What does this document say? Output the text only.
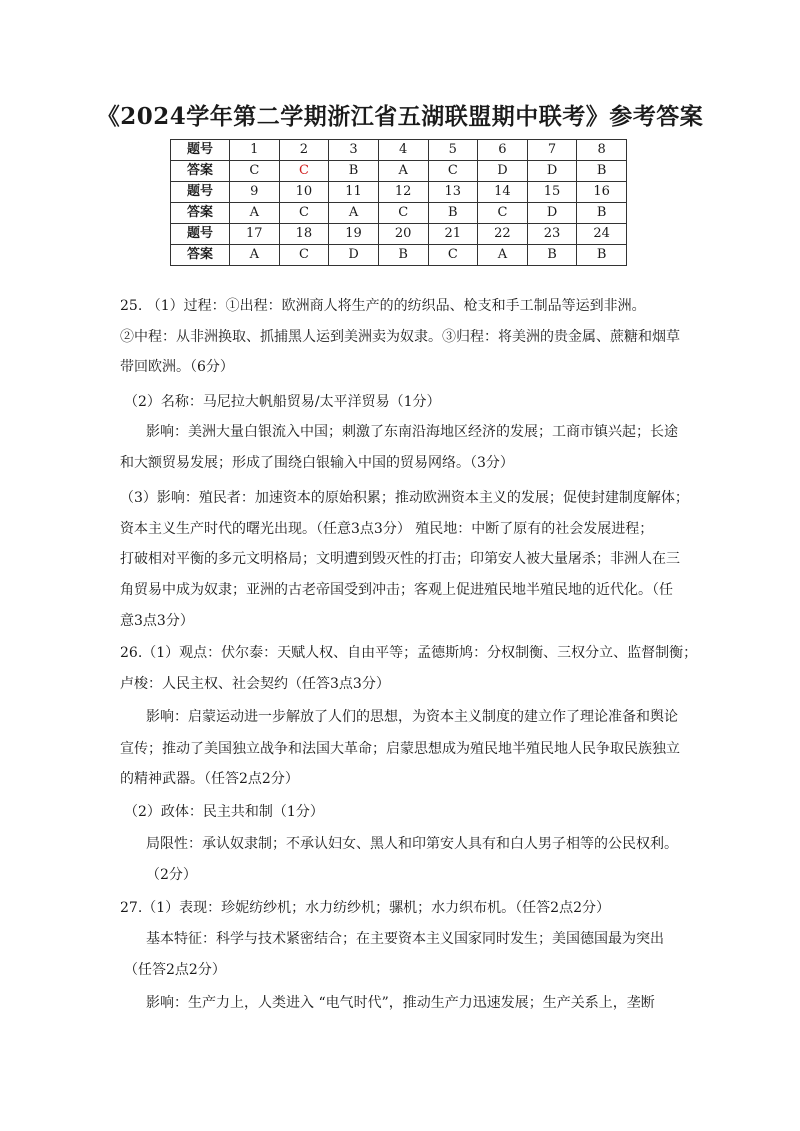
《2024学年第二学期浙江省五湖联盟期中联考》参考答案
题号	1	2	3	4	5	6	7	8
答案	C	C	B	A	C	D	D	B
题号	9	10	11	12	13	14	15	16
答案	A	C	A	C	B	C	D	B
题号	17	18	19	20	21	22	23	24
答案	A	C	D	B	C	A	B	B
25. （1）过程：①出程：欧洲商人将生产的的纺织品、枪支和手工制品等运到非洲。
②中程：从非洲换取、抓捕黑人运到美洲卖为奴隶。③归程：将美洲的贵金属、蔗糖和烟草
带回欧洲。（6分）
（2）名称：马尼拉大帆船贸易/太平洋贸易（1分）
影响：美洲大量白银流入中国；刺激了东南沿海地区经济的发展；工商市镇兴起；长途
和大额贸易发展；形成了围绕白银输入中国的贸易网络。（3分）
（3）影响：殖民者：加速资本的原始积累；推动欧洲资本主义的发展；促使封建制度解体；
资本主义生产时代的曙光出现。（任意3点3分） 殖民地：中断了原有的社会发展进程；
打破相对平衡的多元文明格局；文明遭到毁灭性的打击；印第安人被大量屠杀；非洲人在三
角贸易中成为奴隶；亚洲的古老帝国受到冲击；客观上促进殖民地半殖民地的近代化。（任
意3点3分）
26.（1）观点：伏尔泰：天赋人权、自由平等；孟德斯鸠：分权制衡、三权分立、监督制衡；
卢梭：人民主权、社会契约（任答3点3分）
影响：启蒙运动进一步解放了人们的思想，为资本主义制度的建立作了理论准备和舆论
宣传；推动了美国独立战争和法国大革命；启蒙思想成为殖民地半殖民地人民争取民族独立
的精神武器。（任答2点2分）
（2）政体：民主共和制（1分）
局限性：承认奴隶制；不承认妇女、黑人和印第安人具有和白人男子相等的公民权利。
（2分）
27.（1）表现：珍妮纺纱机；水力纺纱机；骡机；水力织布机。（任答2点2分）
基本特征：科学与技术紧密结合；在主要资本主义国家同时发生；美国德国最为突出
（任答2点2分）
影响：生产力上，人类进入 “电气时代”，推动生产力迅速发展；生产关系上，垄断
